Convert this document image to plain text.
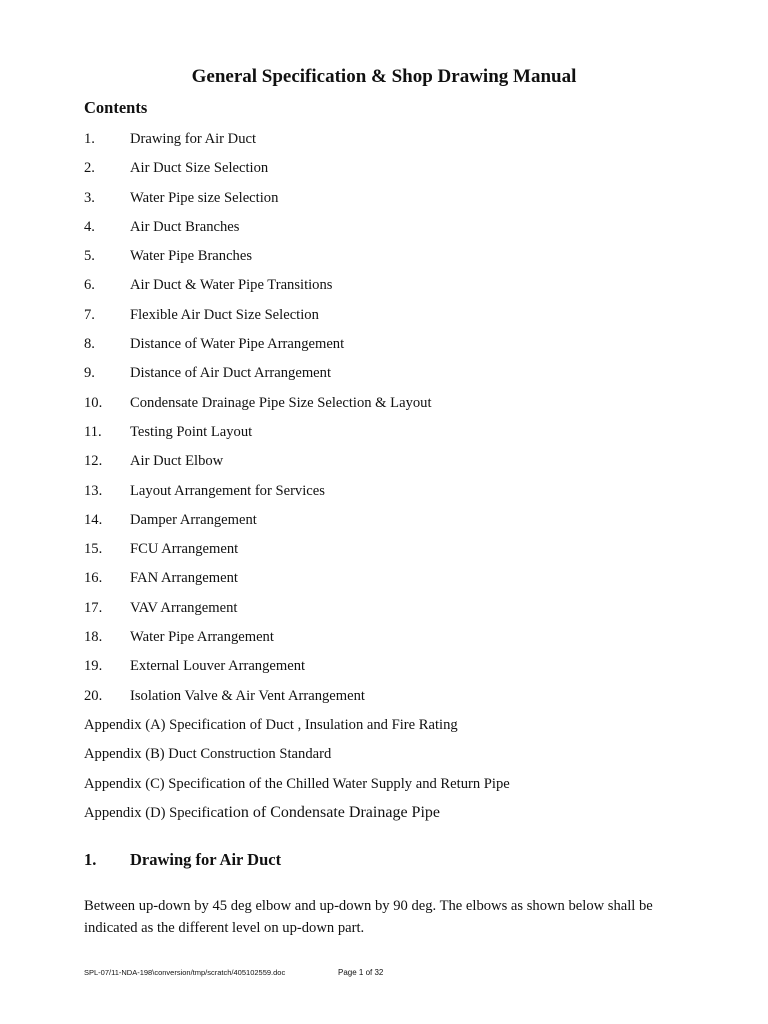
General Specification & Shop Drawing Manual
Contents
1. Drawing for Air Duct
2. Air Duct Size Selection
3. Water Pipe size Selection
4. Air Duct Branches
5. Water Pipe Branches
6. Air Duct & Water Pipe Transitions
7. Flexible Air Duct Size Selection
8. Distance of Water Pipe Arrangement
9. Distance of Air Duct Arrangement
10. Condensate Drainage Pipe Size Selection & Layout
11. Testing Point Layout
12. Air Duct Elbow
13. Layout Arrangement for Services
14. Damper Arrangement
15. FCU Arrangement
16. FAN Arrangement
17. VAV Arrangement
18. Water Pipe Arrangement
19. External Louver Arrangement
20. Isolation Valve & Air Vent Arrangement
Appendix (A) Specification of Duct , Insulation and Fire Rating
Appendix (B) Duct Construction Standard
Appendix (C) Specification of the Chilled Water Supply and Return Pipe
Appendix (D) Specification of Condensate Drainage Pipe
1. Drawing for Air Duct
Between up-down by 45 deg elbow and up-down by 90 deg. The elbows as shown below shall be indicated as the different level on up-down part.
SPL-07/11-NDA-198\conversion/tmp/scratch/405102559.doc	Page 1 of 32
